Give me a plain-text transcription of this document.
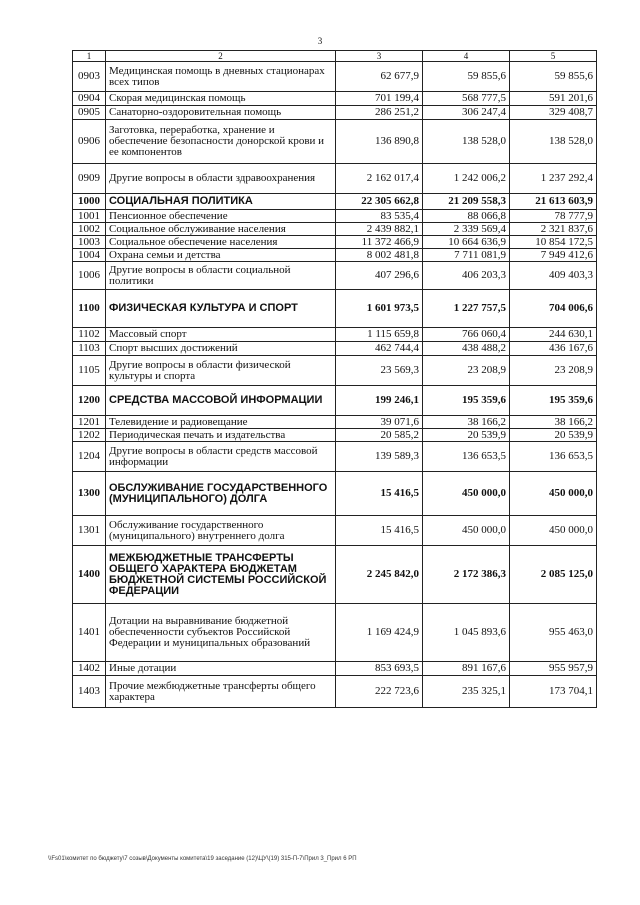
3
1	2	3	4	5
0903	Медицинская помощь в дневных стационарах всех типов	62 677,9	59 855,6	59 855,6
0904	Скорая медицинская помощь	701 199,4	568 777,5	591 201,6
0905	Санаторно-оздоровительная помощь	286 251,2	306 247,4	329 408,7
0906	Заготовка, переработка, хранение и обеспечение безопасности донорской крови и ее компонентов	136 890,8	138 528,0	138 528,0
0909	Другие вопросы в области здравоохранения	2 162 017,4	1 242 006,2	1 237 292,4
1000	СОЦИАЛЬНАЯ ПОЛИТИКА	22 305 662,8	21 209 558,3	21 613 603,9
1001	Пенсионное обеспечение	83 535,4	88 066,8	78 777,9
1002	Социальное обслуживание населения	2 439 882,1	2 339 569,4	2 321 837,6
1003	Социальное обеспечение населения	11 372 466,9	10 664 636,9	10 854 172,5
1004	Охрана семьи и детства	8 002 481,8	7 711 081,9	7 949 412,6
1006	Другие вопросы в области социальной политики	407 296,6	406 203,3	409 403,3
1100	ФИЗИЧЕСКАЯ КУЛЬТУРА И СПОРТ	1 601 973,5	1 227 757,5	704 006,6
1102	Массовый спорт	1 115 659,8	766 060,4	244 630,1
1103	Спорт высших достижений	462 744,4	438 488,2	436 167,6
1105	Другие вопросы в области физической культуры и спорта	23 569,3	23 208,9	23 208,9
1200	СРЕДСТВА МАССОВОЙ ИНФОРМАЦИИ	199 246,1	195 359,6	195 359,6
1201	Телевидение и радиовещание	39 071,6	38 166,2	38 166,2
1202	Периодическая печать и издательства	20 585,2	20 539,9	20 539,9
1204	Другие вопросы в области средств массовой информации	139 589,3	136 653,5	136 653,5
1300	ОБСЛУЖИВАНИЕ ГОСУДАРСТВЕННОГО (МУНИЦИПАЛЬНОГО) ДОЛГА	15 416,5	450 000,0	450 000,0
1301	Обслуживание государственного (муниципального) внутреннего долга	15 416,5	450 000,0	450 000,0
1400	МЕЖБЮДЖЕТНЫЕ ТРАНСФЕРТЫ ОБЩЕГО ХАРАКТЕРА БЮДЖЕТАМ БЮДЖЕТНОЙ СИСТЕМЫ РОССИЙСКОЙ ФЕДЕРАЦИИ	2 245 842,0	2 172 386,3	2 085 125,0
1401	Дотации на выравнивание бюджетной обеспеченности субъектов Российской Федерации и муниципальных образований	1 169 424,9	1 045 893,6	955 463,0
1402	Иные дотации	853 693,5	891 167,6	955 957,9
1403	Прочие межбюджетные трансферты общего характера	222 723,6	235 325,1	173 704,1
\\Fs01\комитет по бюджету\7 созыв\Документы комитета\19 заседание (12)\ЦУ\(19) 315-П-7\Прил 3_Прил 6 РП
